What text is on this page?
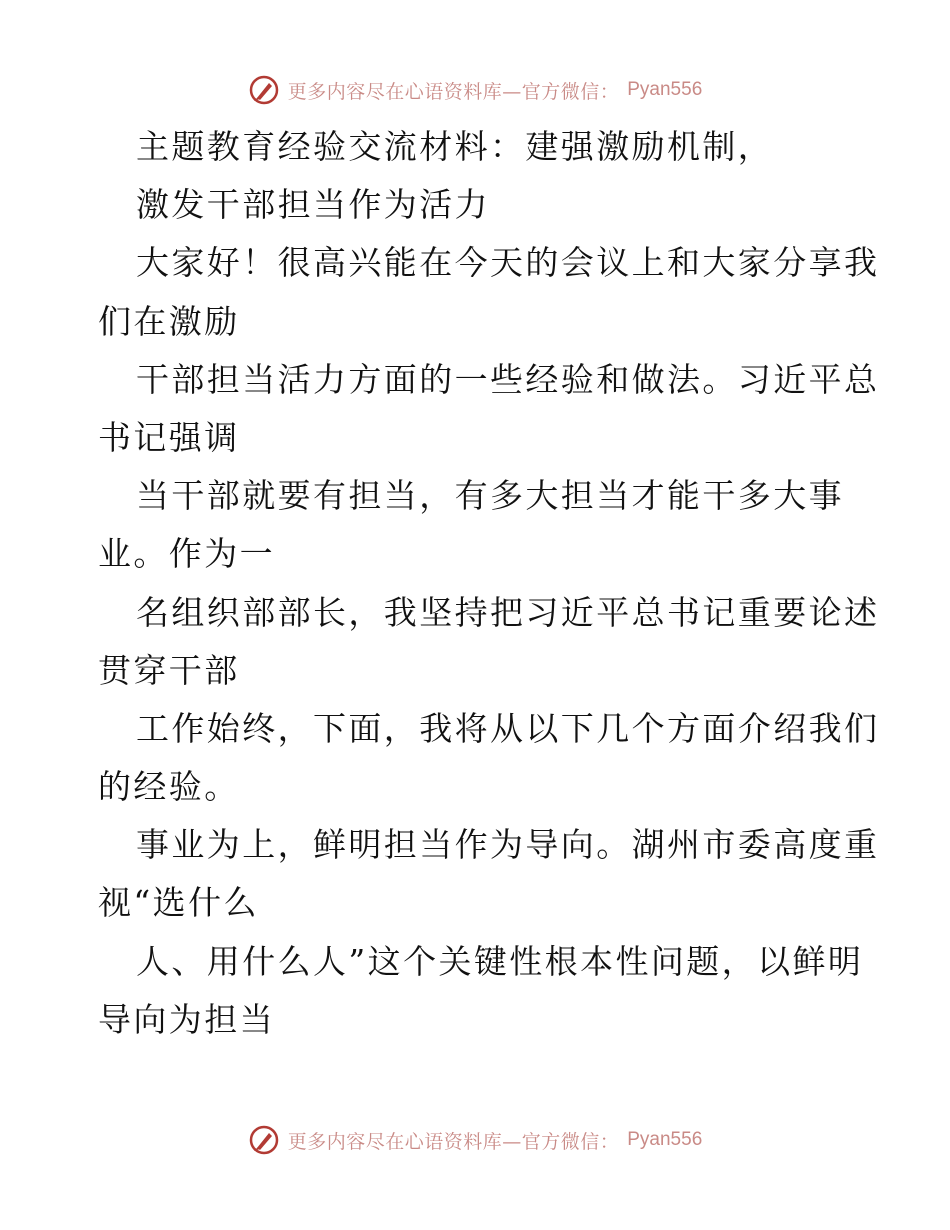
更多内容尽在心语资料库—官方微信： Pyan556
主题教育经验交流材料：建强激励机制，
激发干部担当作为活力
大家好！很高兴能在今天的会议上和大家分享我
们在激励
干部担当活力方面的一些经验和做法。习近平总
书记强调
当干部就要有担当，有多大担当才能干多大事
业。作为一
名组织部部长，我坚持把习近平总书记重要论述
贯穿干部
工作始终，下面，我将从以下几个方面介绍我们
的经验。
事业为上，鲜明担当作为导向。湖州市委高度重
视“选什么
人、用什么人”这个关键性根本性问题，以鲜明
导向为担当
更多内容尽在心语资料库—官方微信： Pyan556
